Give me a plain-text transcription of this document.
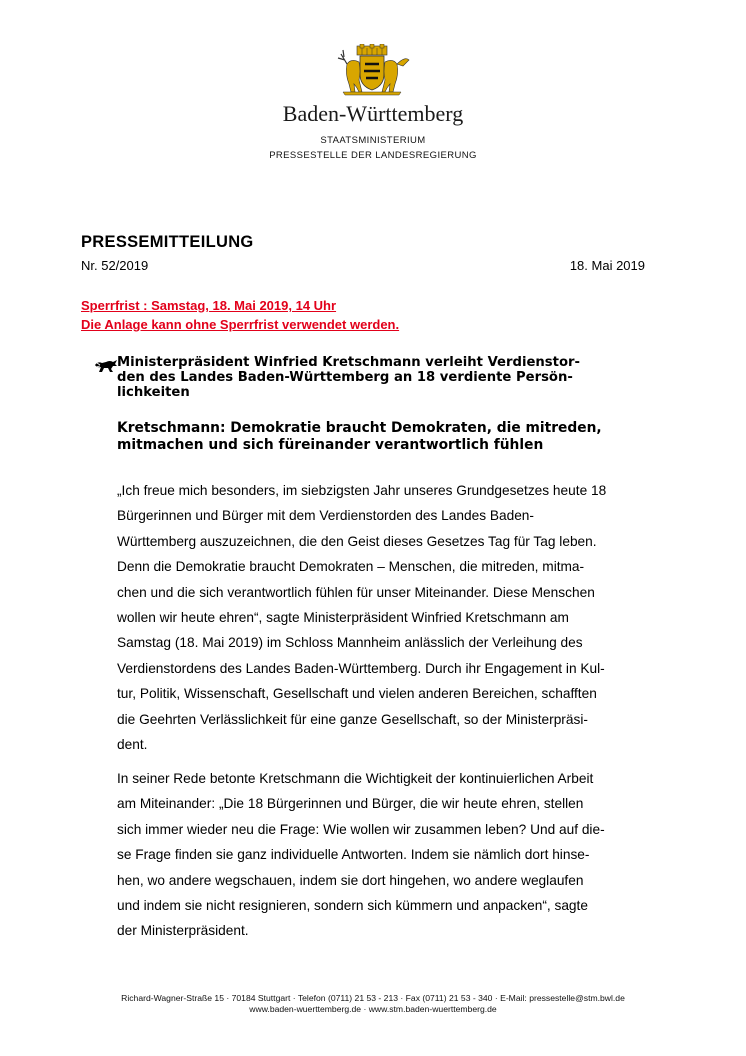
Baden-Württemberg
STAATSMINISTERIUM
PRESSESTELLE DER LANDESREGIERUNG
PRESSEMITTEILUNG
Nr. 52/2019	18. Mai 2019
Sperrfrist : Samstag, 18. Mai 2019, 14 Uhr
Die Anlage kann ohne Sperrfrist verwendet werden.
Ministerpräsident Winfried Kretschmann verleiht Verdienstor-
den des Landes Baden-Württemberg an 18 verdiente Persön-
lichkeiten
Kretschmann: Demokratie braucht Demokraten, die mitreden,
mitmachen und sich füreinander verantwortlich fühlen
„Ich freue mich besonders, im siebzigsten Jahr unseres Grundgesetzes heute 18
Bürgerinnen und Bürger mit dem Verdienstorden des Landes Baden-
Württemberg auszuzeichnen, die den Geist dieses Gesetzes Tag für Tag leben.
Denn die Demokratie braucht Demokraten – Menschen, die mitreden, mitma-
chen und die sich verantwortlich fühlen für unser Miteinander. Diese Menschen
wollen wir heute ehren“, sagte Ministerpräsident Winfried Kretschmann am
Samstag (18. Mai 2019) im Schloss Mannheim anlässlich der Verleihung des
Verdienstordens des Landes Baden-Württemberg. Durch ihr Engagement in Kul-
tur, Politik, Wissenschaft, Gesellschaft und vielen anderen Bereichen, schafften
die Geehrten Verlässlichkeit für eine ganze Gesellschaft, so der Ministerpräsi-
dent.
In seiner Rede betonte Kretschmann die Wichtigkeit der kontinuierlichen Arbeit
am Miteinander: „Die 18 Bürgerinnen und Bürger, die wir heute ehren, stellen
sich immer wieder neu die Frage: Wie wollen wir zusammen leben? Und auf die-
se Frage finden sie ganz individuelle Antworten. Indem sie nämlich dort hinse-
hen, wo andere wegschauen, indem sie dort hingehen, wo andere weglaufen
und indem sie nicht resignieren, sondern sich kümmern und anpacken“, sagte
der Ministerpräsident.
Richard-Wagner-Straße 15 · 70184 Stuttgart · Telefon (0711) 21 53 - 213 · Fax (0711) 21 53 - 340 · E-Mail: pressestelle@stm.bwl.de
www.baden-wuerttemberg.de · www.stm.baden-wuerttemberg.de
